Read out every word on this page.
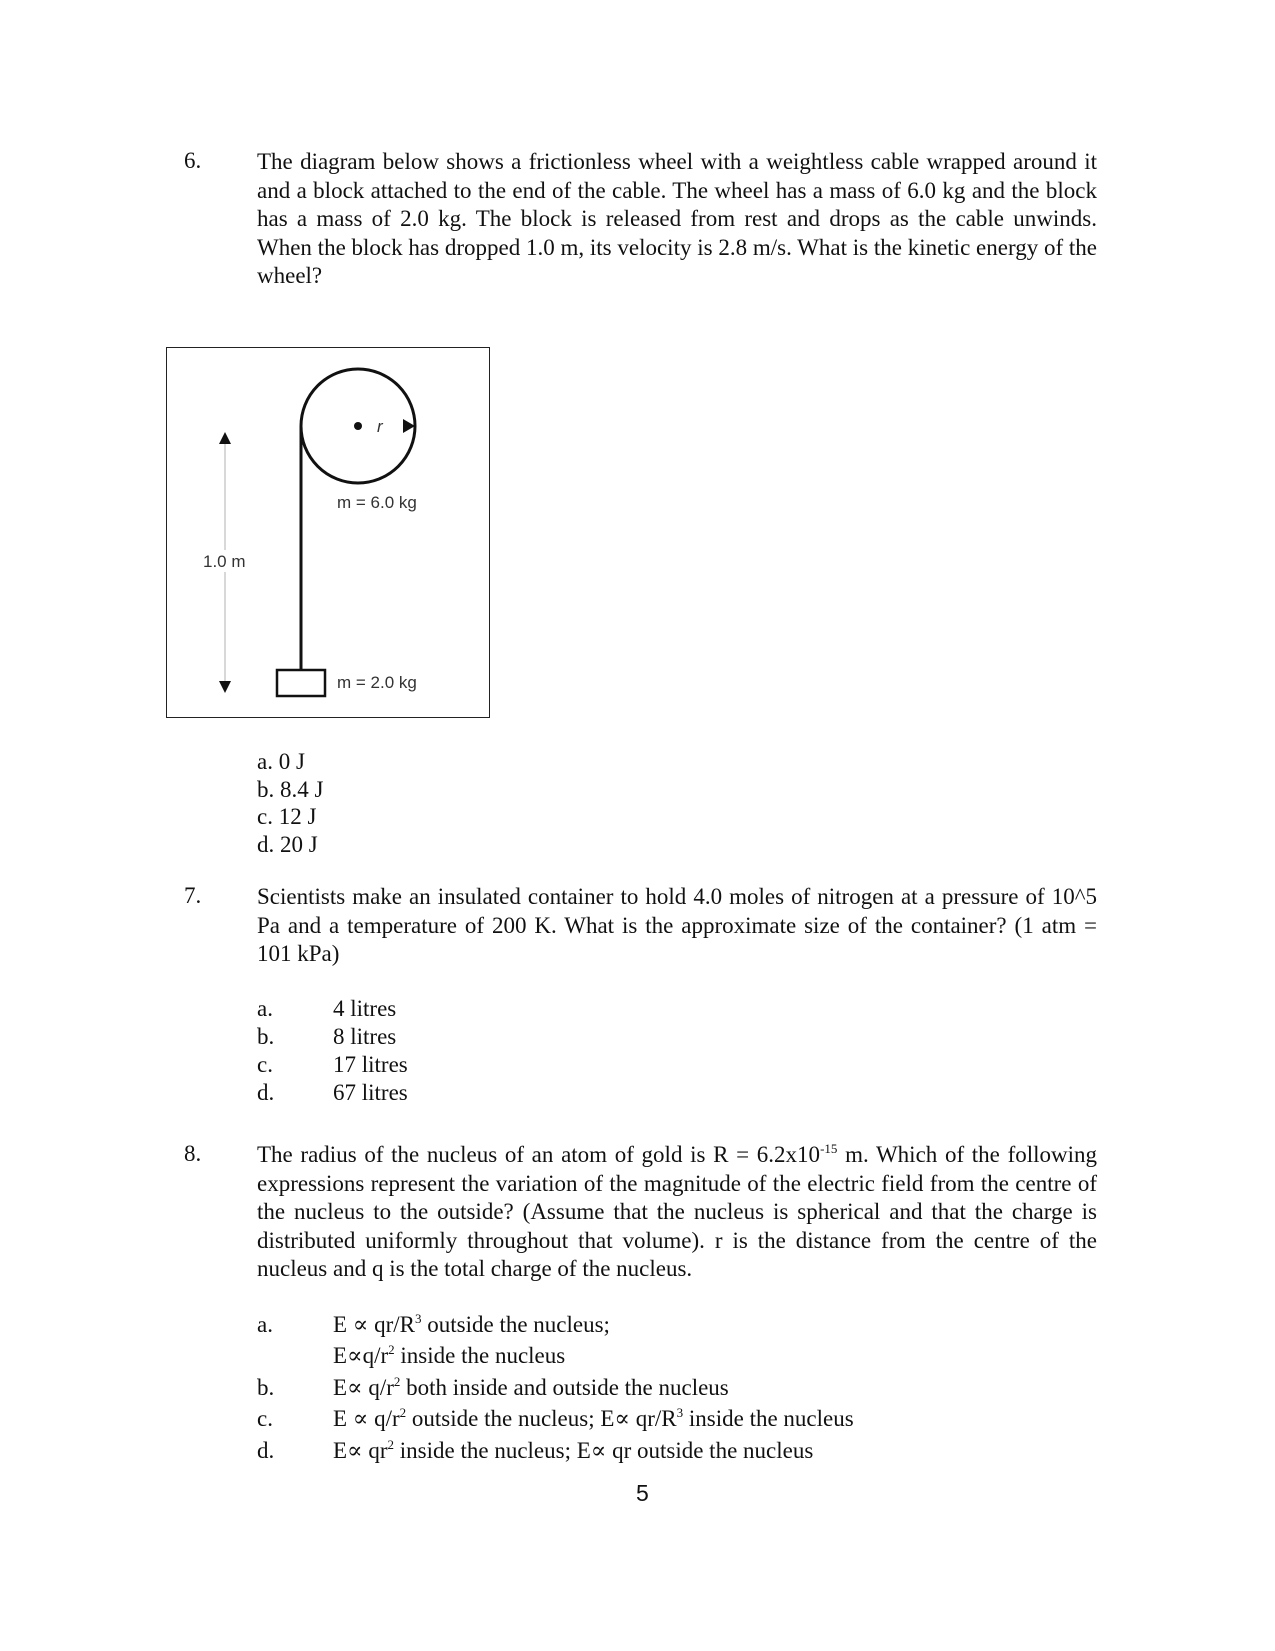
6. The diagram below shows a frictionless wheel with a weightless cable wrapped around it and a block attached to the end of the cable. The wheel has a mass of 6.0 kg and the block has a mass of 2.0 kg. The block is released from rest and drops as the cable unwinds. When the block has dropped 1.0 m, its velocity is 2.8 m/s. What is the kinetic energy of the wheel?
r
m = 6.0 kg
m = 2.0 kg
1.0 m
a. 0 J
b. 8.4 J
c. 12 J
d. 20 J
7. Scientists make an insulated container to hold 4.0 moles of nitrogen at a pressure of 10^5 Pa and a temperature of 200 K. What is the approximate size of the container? (1 atm = 101 kPa)
a.	4 litres
b.	8 litres
c.	17 litres
d.	67 litres
8. The radius of the nucleus of an atom of gold is $R = 6.2x10^{-15}$ m. Which of the following expressions represent the variation of the magnitude of the electric field from the centre of the nucleus to the outside? (Assume that the nucleus is spherical and that the charge is distributed uniformly throughout that volume). r is the distance from the centre of the nucleus and q is the total charge of the nucleus.
a.	$E \propto qr/R^3$ outside the nucleus;
$E\propto q/r^2$ inside the nucleus
b.	$E\propto q/r^2$ both inside and outside the nucleus
c.	$E \propto q/r^2$ outside the nucleus; $E\propto qr/R^3$ inside the nucleus
d.	$E\propto qr^2$ inside the nucleus; E∝ qr outside the nucleus
5
